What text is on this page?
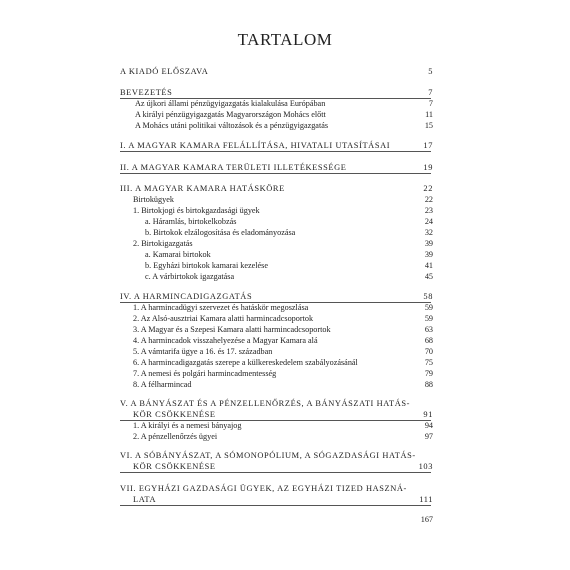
TARTALOM
A KIADÓ ELŐSZAVA	5
BEVEZETÉS	7
Az újkori állami pénzügyigazgatás kialakulása Európában	7
A királyi pénzügyigazgatás Magyarországon Mohács előtt	11
A Mohács utáni politikai változások és a pénzügyigazgatás	15
I. A MAGYAR KAMARA FELÁLLÍTÁSA, HIVATALI UTASÍTÁSAI	17
II. A MAGYAR KAMARA TERÜLETI ILLETÉKESSÉGE	19
III. A MAGYAR KAMARA HATÁSKÖRE	22
Birtokügyek	22
1. Birtokjogi és birtokgazdasági ügyek	23
a. Háramlás, birtokelkobzás	24
b. Birtokok elzálogosítása és eladományozása	32
2. Birtokigazgatás	39
a. Kamarai birtokok	39
b. Egyházi birtokok kamarai kezelése	41
c. A várbirtokok igazgatása	45
IV. A HARMINCADIGAZGATÁS	58
1. A harmincadügyi szervezet és hatáskör megoszlása	59
2. Az Alsó-ausztriai Kamara alatti harmincadcsoportok	59
3. A Magyar és a Szepesi Kamara alatti harmincadcsoportok	63
4. A harmincadok visszahelyezése a Magyar Kamara alá	68
5. A vámtarifa ügye a 16. és 17. században	70
6. A harmincadigazgatás szerepe a külkereskedelem szabályozásánál	75
7. A nemesi és polgári harmincadmentesség	79
8. A félharmincad	88
V. A BÁNYÁSZAT ÉS A PÉNZELLENŐRZÉS, A BÁNYÁSZATI HATÁS-
KÖR CSÖKKENÉSE	91
1. A királyi és a nemesi bányajog	94
2. A pénzellenőrzés ügyei	97
VI. A SÓBÁNYÁSZAT, A SÓMONOPÓLIUM, A SÓGAZDASÁGI HATÁS-
KÖR CSÖKKENÉSE	103
VII. EGYHÁZI GAZDASÁGI ÜGYEK, AZ EGYHÁZI TIZED HASZNÁ-
LATA	111
167
